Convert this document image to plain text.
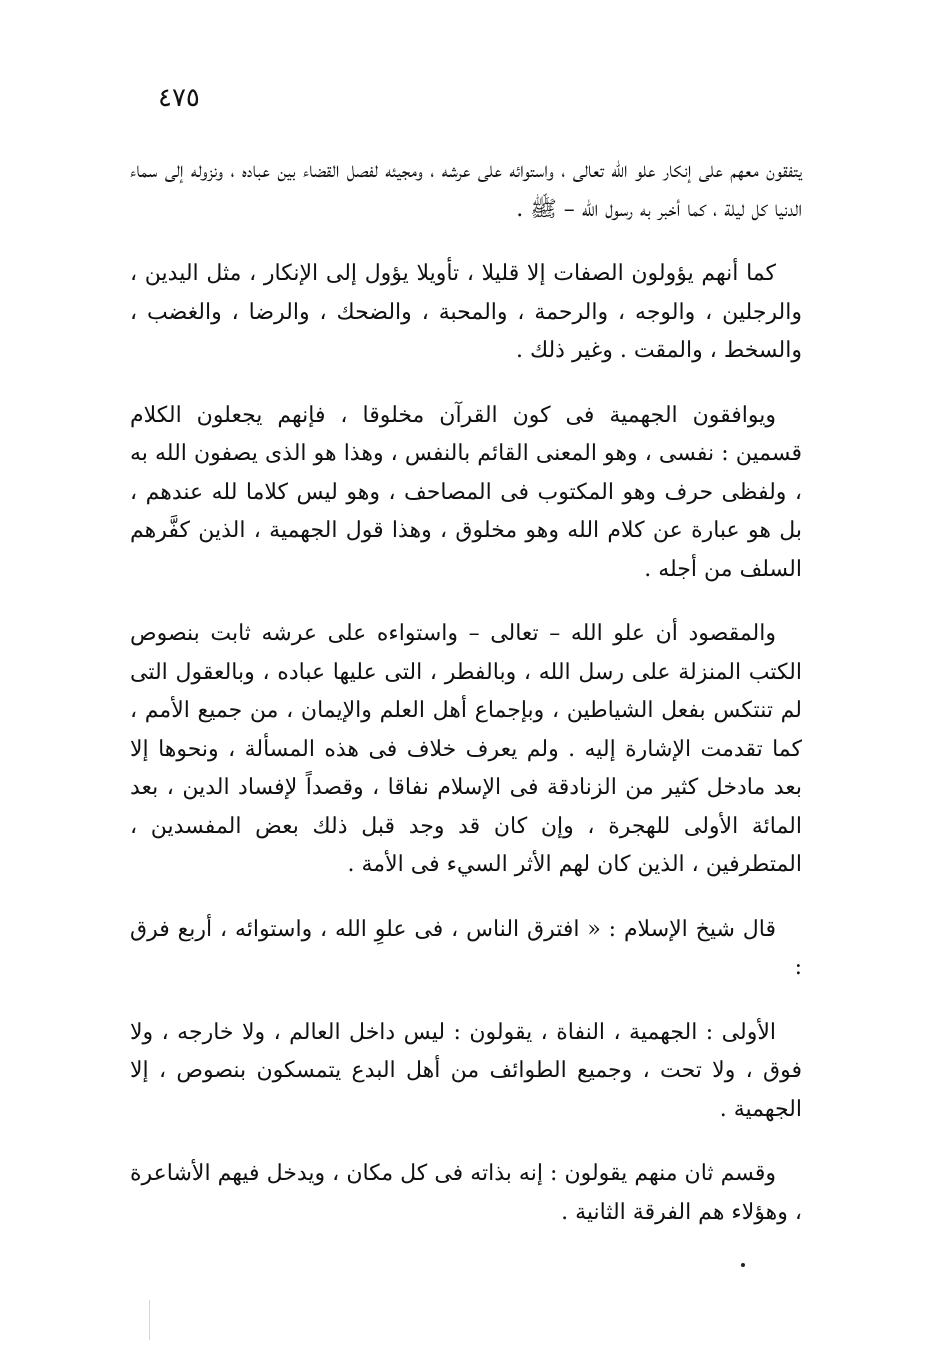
٤٧٥

يتفقون معهم على إنكار علو الله تعالى ، واستوائه على عرشه ، ومجيئه لفصل القضاء بين عباده ، ونزوله إلى سماء الدنيا كل ليلة ، كما أخبر به رسول الله – ﷺ .

كما أنهم يؤولون الصفات إلا قليلا ، تأويلا يؤول إلى الإنكار ، مثل اليدين ، والرجلين ، والوجه ، والرحمة ، والمحبة ، والضحك ، والرضا ، والغضب ، والسخط ، والمقت . وغير ذلك .

ويوافقون الجهمية فى كون القرآن مخلوقا ، فإنهم يجعلون الكلام قسمين : نفسى ، وهو المعنى القائم بالنفس ، وهذا هو الذى يصفون الله به ، ولفظى حرف وهو المكتوب فى المصاحف ، وهو ليس كلاما لله عندهم ، بل هو عبارة عن كلام الله وهو مخلوق ، وهذا قول الجهمية ، الذين كفَّرهم السلف من أجله .

والمقصود أن علو الله – تعالى – واستواءه على عرشه ثابت بنصوص الكتب المنزلة على رسل الله ، وبالفطر ، التى عليها عباده ، وبالعقول التى لم تنتكس بفعل الشياطين ، وبإجماع أهل العلم والإيمان ، من جميع الأمم ، كما تقدمت الإشارة إليه . ولم يعرف خلاف فى هذه المسألة ، ونحوها إلا بعد مادخل كثير من الزنادقة فى الإسلام نفاقا ، وقصداً لإفساد الدين ، بعد المائة الأولى للهجرة ، وإن كان قد وجد قبل ذلك بعض المفسدين ، المتطرفين ، الذين كان لهم الأثر السيء فى الأمة .

قال شيخ الإسلام : « افترق الناس ، فى علوِ الله ، واستوائه ، أربع فرق :

الأولى : الجهمية ، النفاة ، يقولون : ليس داخل العالم ، ولا خارجه ، ولا فوق ، ولا تحت ، وجميع الطوائف من أهل البدع يتمسكون بنصوص ، إلا الجهمية .

وقسم ثان منهم يقولون : إنه بذاته فى كل مكان ، ويدخل فيهم الأشاعرة ، وهؤلاء هم الفرقة الثانية .
